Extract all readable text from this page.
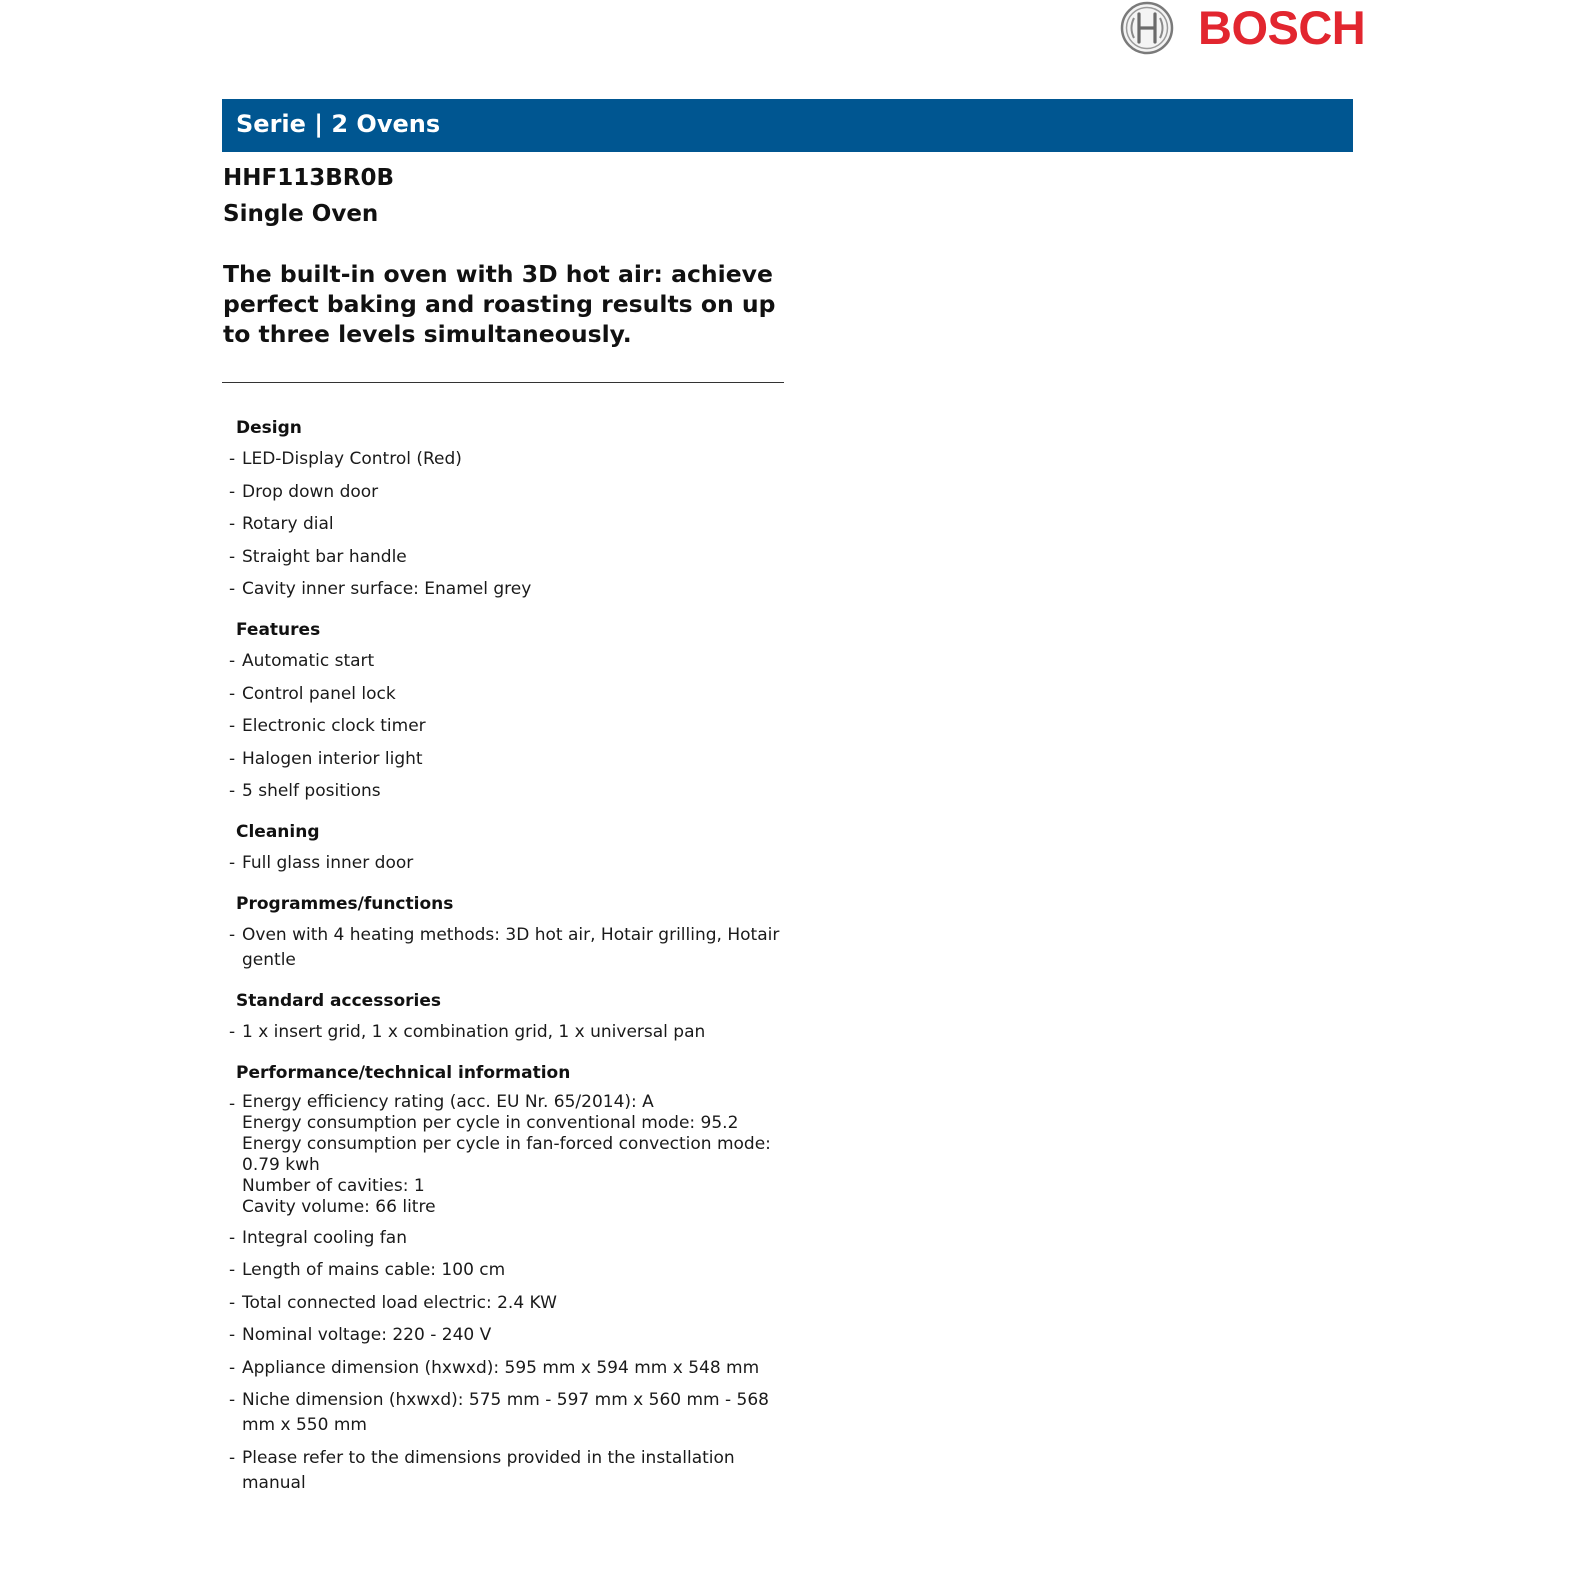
BOSCH
Serie | 2 Ovens
HHF113BR0B
Single Oven
The built-in oven with 3D hot air: achieve perfect baking and roasting results on up to three levels simultaneously.
Design
- LED-Display Control (Red)
- Drop down door
- Rotary dial
- Straight bar handle
- Cavity inner surface: Enamel grey
Features
- Automatic start
- Control panel lock
- Electronic clock timer
- Halogen interior light
- 5 shelf positions
Cleaning
- Full glass inner door
Programmes/functions
- Oven with 4 heating methods: 3D hot air, Hotair grilling, Hotair gentle
Standard accessories
- 1 x insert grid, 1 x combination grid, 1 x universal pan
Performance/technical information
- Energy efficiency rating (acc. EU Nr. 65/2014): A
Energy consumption per cycle in conventional mode: 95.2
Energy consumption per cycle in fan-forced convection mode: 0.79 kwh
Number of cavities: 1
Cavity volume: 66 litre
- Integral cooling fan
- Length of mains cable: 100 cm
- Total connected load electric: 2.4 KW
- Nominal voltage: 220 - 240 V
- Appliance dimension (hxwxd): 595 mm x 594 mm x 548 mm
- Niche dimension (hxwxd): 575 mm - 597 mm x 560 mm - 568 mm x 550 mm
- Please refer to the dimensions provided in the installation manual
